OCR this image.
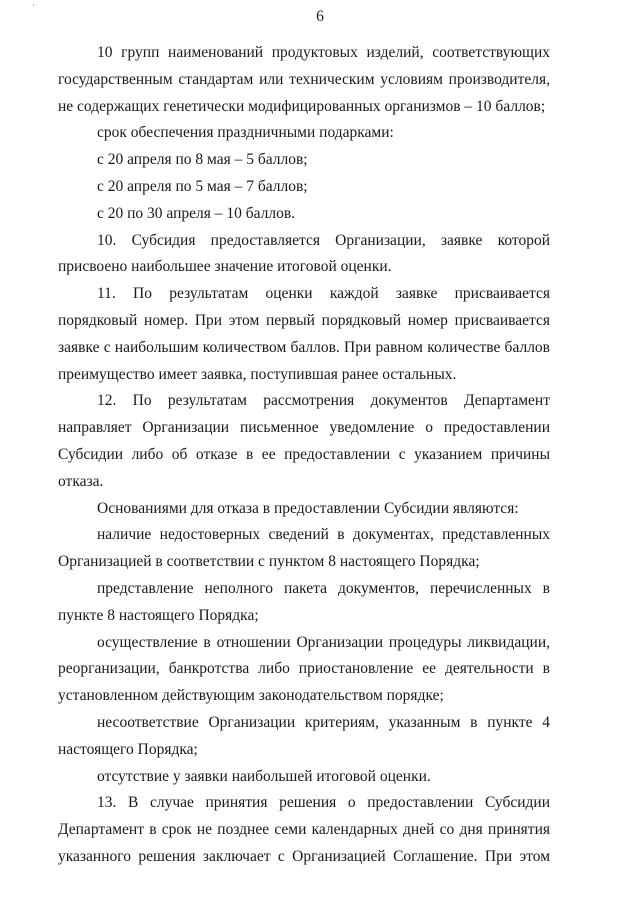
·
6

10 групп наименований продуктовых изделий, соответствующих государственным стандартам или техническим условиям производителя, не содержащих генетически модифицированных организмов – 10 баллов;

срок обеспечения праздничными подарками:

с 20 апреля по 8 мая – 5 баллов;

с 20 апреля по 5 мая – 7 баллов;

с 20 по 30 апреля – 10 баллов.

10. Субсидия предоставляется Организации, заявке которой присвоено наибольшее значение итоговой оценки.

11. По результатам оценки каждой заявке присваивается порядковый номер. При этом первый порядковый номер присваивается заявке с наибольшим количеством баллов. При равном количестве баллов преимущество имеет заявка, поступившая ранее остальных.

12. По результатам рассмотрения документов Департамент направляет Организации письменное уведомление о предоставлении Субсидии либо об отказе в ее предоставлении с указанием причины отказа.

Основаниями для отказа в предоставлении Субсидии являются:

наличие недостоверных сведений в документах, представленных Организацией в соответствии с пунктом 8 настоящего Порядка;

представление неполного пакета документов, перечисленных в пункте 8 настоящего Порядка;

осуществление в отношении Организации процедуры ликвидации, реорганизации, банкротства либо приостановление ее деятельности в установленном действующим законодательством порядке;

несоответствие Организации критериям, указанным в пункте 4 настоящего Порядка;

отсутствие у заявки наибольшей итоговой оценки.

13. В случае принятия решения о предоставлении Субсидии Департамент в срок не позднее семи календарных дней со дня принятия указанного решения заключает с Организацией Соглашение. При этом
